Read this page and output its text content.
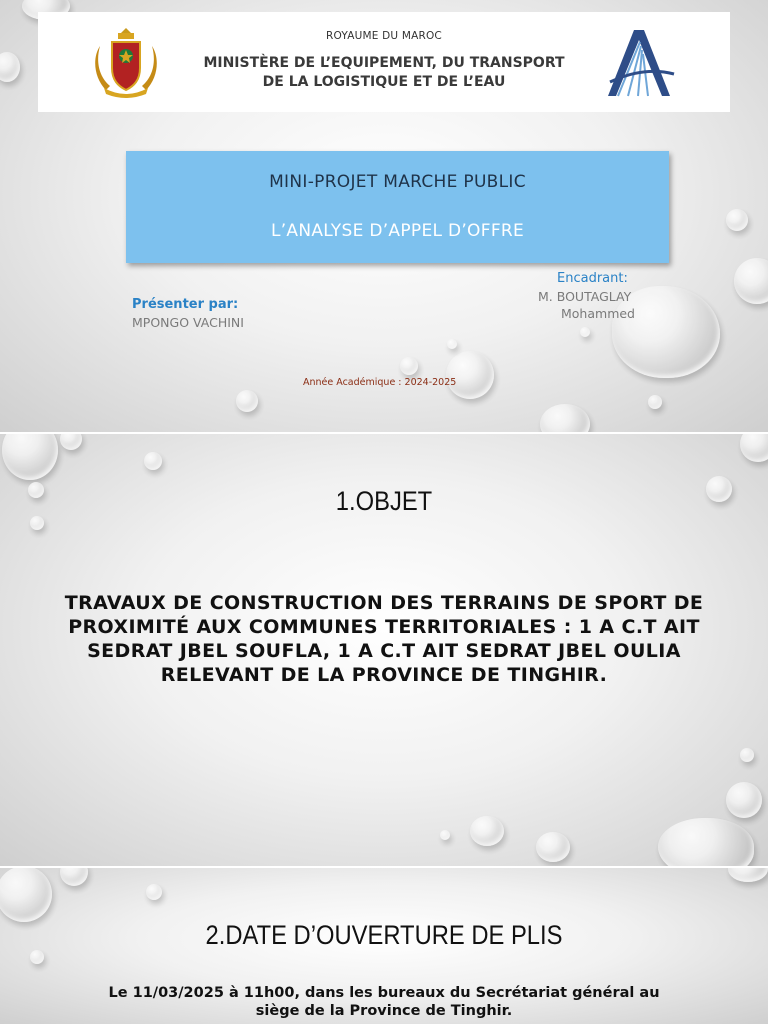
ROYAUME DU MAROC
MINISTÈRE DE L’EQUIPEMENT, DU TRANSPORT
DE LA LOGISTIQUE ET DE L’EAU
MINI-PROJET MARCHE PUBLIC
L’ANALYSE D’APPEL D’OFFRE
Présenter par:
MPONGO VACHINI
Encadrant:
M. BOUTAGLAY
Mohammed
Année Académique : 2024-2025
1.OBJET
TRAVAUX DE CONSTRUCTION DES TERRAINS DE SPORT DE PROXIMITÉ AUX COMMUNES TERRITORIALES : 1 A C.T AIT SEDRAT JBEL SOUFLA, 1 A C.T AIT SEDRAT JBEL OULIA RELEVANT DE LA PROVINCE DE TINGHIR.
2.DATE D’OUVERTURE DE PLIS
Le 11/03/2025 à 11h00, dans les bureaux du Secrétariat général au siège de la Province de Tinghir.
